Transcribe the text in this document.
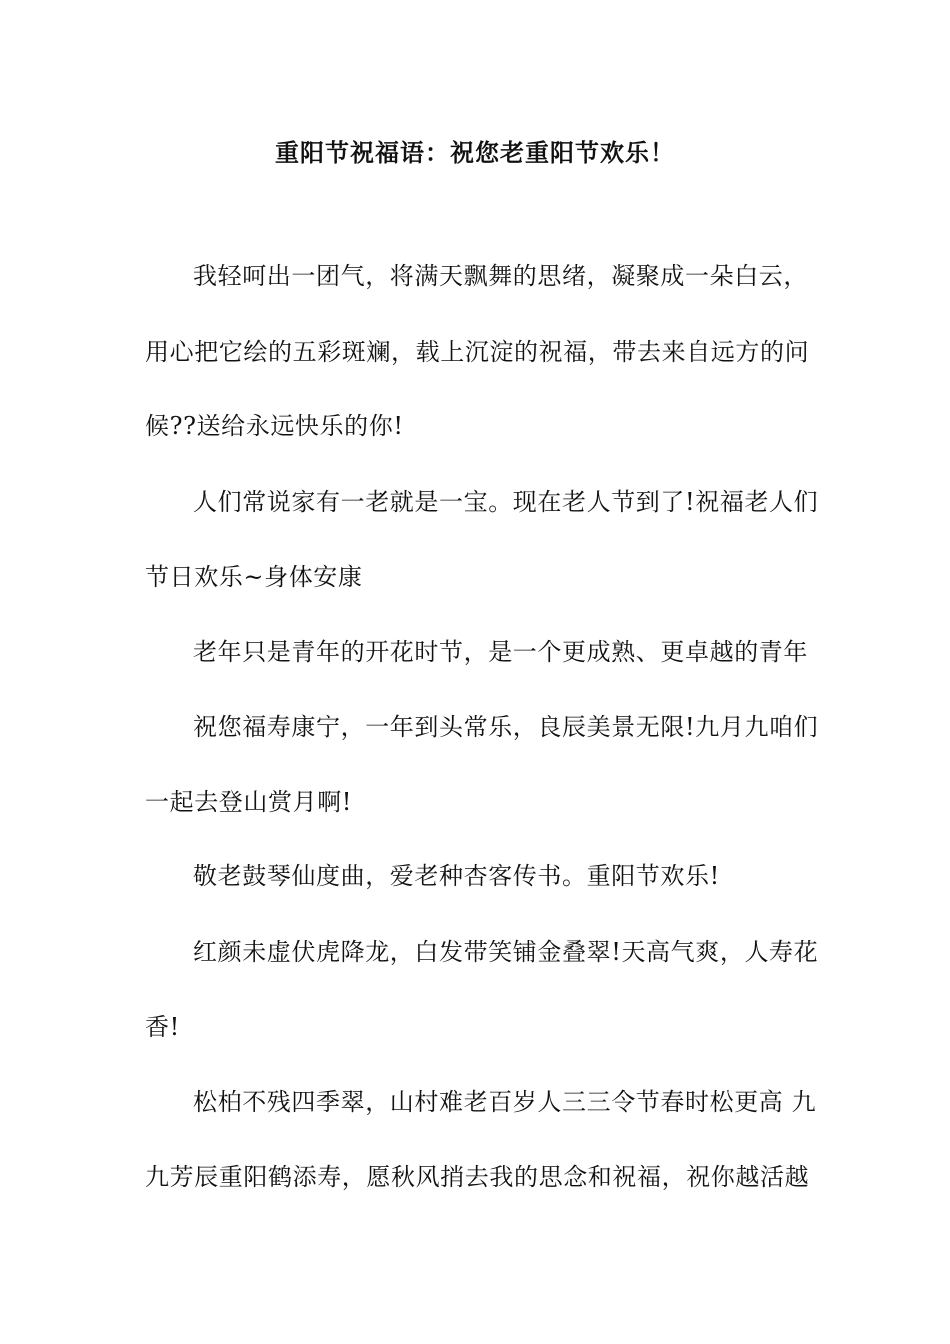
重阳节祝福语：祝您老重阳节欢乐！
我轻呵出一团气，将满天飘舞的思绪，凝聚成一朵白云，
用心把它绘的五彩斑斓，载上沉淀的祝福，带去来自远方的问
候??送给永远快乐的你!
人们常说家有一老就是一宝。现在老人节到了!祝福老人们
节日欢乐~身体安康
老年只是青年的开花时节，是一个更成熟、更卓越的青年
祝您福寿康宁，一年到头常乐，良辰美景无限!九月九咱们
一起去登山赏月啊!
敬老鼓琴仙度曲，爱老种杏客传书。重阳节欢乐!
红颜未虚伏虎降龙，白发带笑铺金叠翠!天高气爽，人寿花
香!
松柏不残四季翠，山村难老百岁人三三令节春时松更高 九
九芳辰重阳鹤添寿，愿秋风捎去我的思念和祝福，祝你越活越
